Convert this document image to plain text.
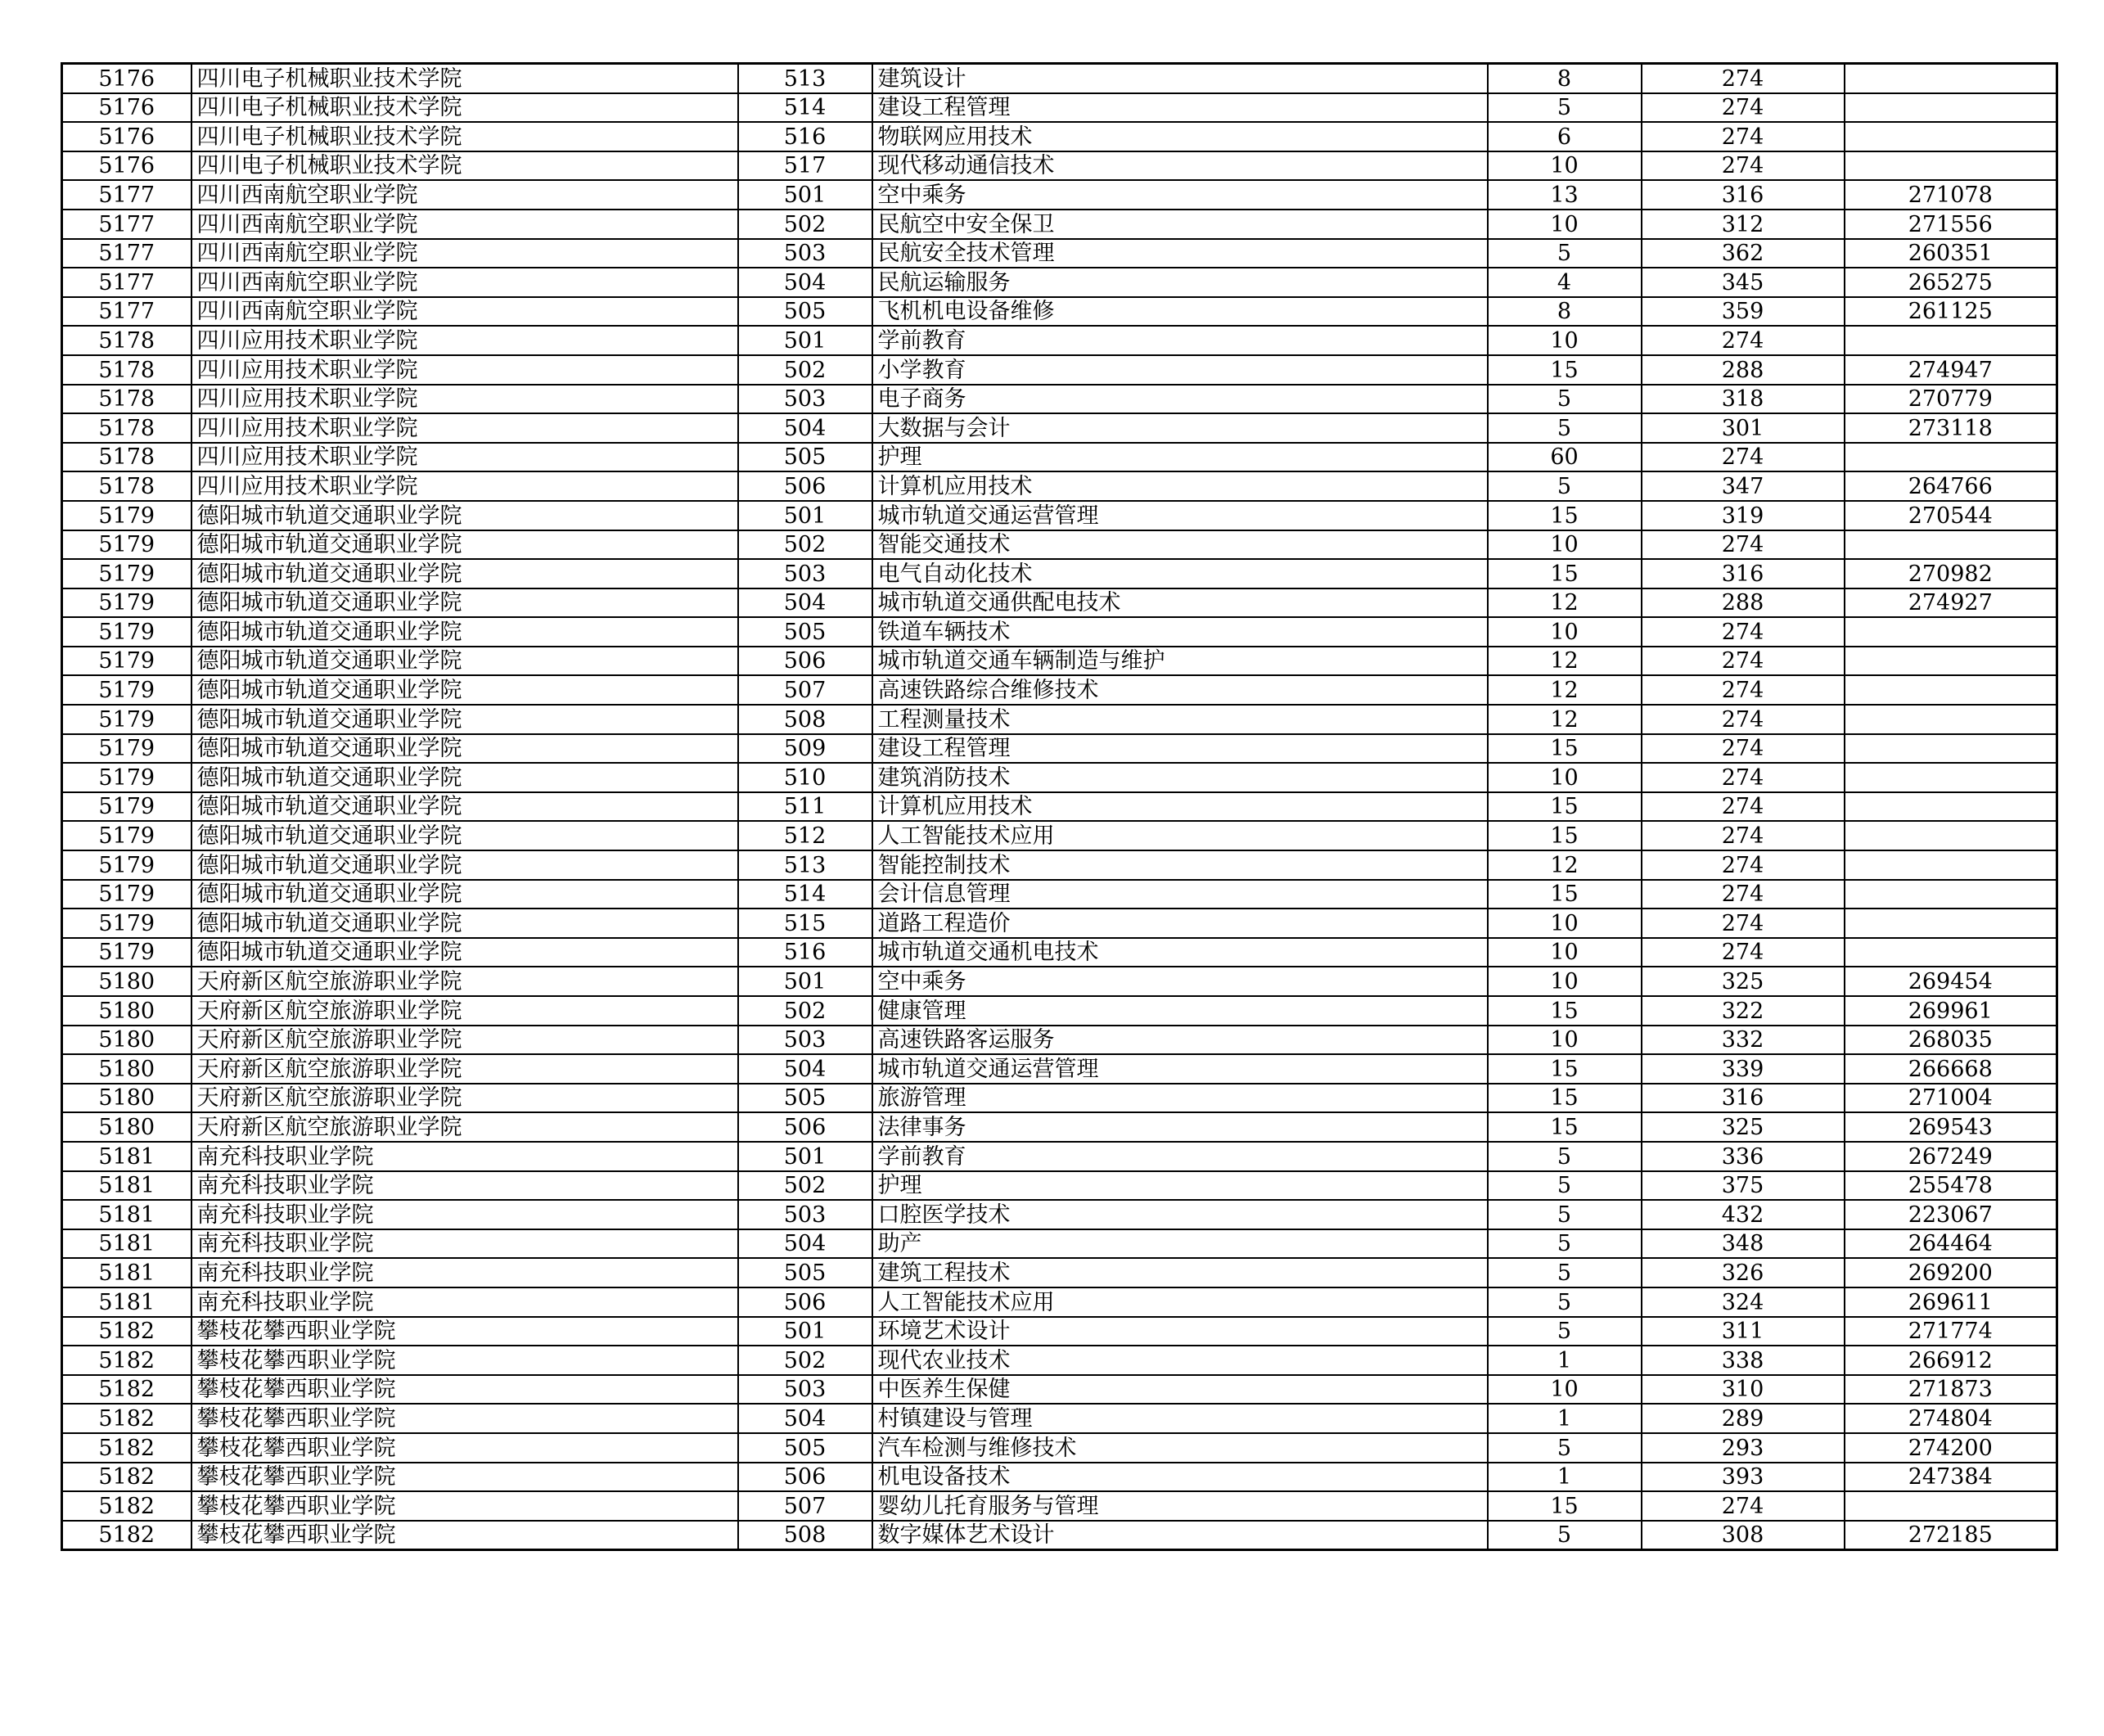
5176	四川电子机械职业技术学院	513	建筑设计	8	274	
5176	四川电子机械职业技术学院	514	建设工程管理	5	274	
5176	四川电子机械职业技术学院	516	物联网应用技术	6	274	
5176	四川电子机械职业技术学院	517	现代移动通信技术	10	274	
5177	四川西南航空职业学院	501	空中乘务	13	316	271078
5177	四川西南航空职业学院	502	民航空中安全保卫	10	312	271556
5177	四川西南航空职业学院	503	民航安全技术管理	5	362	260351
5177	四川西南航空职业学院	504	民航运输服务	4	345	265275
5177	四川西南航空职业学院	505	飞机机电设备维修	8	359	261125
5178	四川应用技术职业学院	501	学前教育	10	274	
5178	四川应用技术职业学院	502	小学教育	15	288	274947
5178	四川应用技术职业学院	503	电子商务	5	318	270779
5178	四川应用技术职业学院	504	大数据与会计	5	301	273118
5178	四川应用技术职业学院	505	护理	60	274	
5178	四川应用技术职业学院	506	计算机应用技术	5	347	264766
5179	德阳城市轨道交通职业学院	501	城市轨道交通运营管理	15	319	270544
5179	德阳城市轨道交通职业学院	502	智能交通技术	10	274	
5179	德阳城市轨道交通职业学院	503	电气自动化技术	15	316	270982
5179	德阳城市轨道交通职业学院	504	城市轨道交通供配电技术	12	288	274927
5179	德阳城市轨道交通职业学院	505	铁道车辆技术	10	274	
5179	德阳城市轨道交通职业学院	506	城市轨道交通车辆制造与维护	12	274	
5179	德阳城市轨道交通职业学院	507	高速铁路综合维修技术	12	274	
5179	德阳城市轨道交通职业学院	508	工程测量技术	12	274	
5179	德阳城市轨道交通职业学院	509	建设工程管理	15	274	
5179	德阳城市轨道交通职业学院	510	建筑消防技术	10	274	
5179	德阳城市轨道交通职业学院	511	计算机应用技术	15	274	
5179	德阳城市轨道交通职业学院	512	人工智能技术应用	15	274	
5179	德阳城市轨道交通职业学院	513	智能控制技术	12	274	
5179	德阳城市轨道交通职业学院	514	会计信息管理	15	274	
5179	德阳城市轨道交通职业学院	515	道路工程造价	10	274	
5179	德阳城市轨道交通职业学院	516	城市轨道交通机电技术	10	274	
5180	天府新区航空旅游职业学院	501	空中乘务	10	325	269454
5180	天府新区航空旅游职业学院	502	健康管理	15	322	269961
5180	天府新区航空旅游职业学院	503	高速铁路客运服务	10	332	268035
5180	天府新区航空旅游职业学院	504	城市轨道交通运营管理	15	339	266668
5180	天府新区航空旅游职业学院	505	旅游管理	15	316	271004
5180	天府新区航空旅游职业学院	506	法律事务	15	325	269543
5181	南充科技职业学院	501	学前教育	5	336	267249
5181	南充科技职业学院	502	护理	5	375	255478
5181	南充科技职业学院	503	口腔医学技术	5	432	223067
5181	南充科技职业学院	504	助产	5	348	264464
5181	南充科技职业学院	505	建筑工程技术	5	326	269200
5181	南充科技职业学院	506	人工智能技术应用	5	324	269611
5182	攀枝花攀西职业学院	501	环境艺术设计	5	311	271774
5182	攀枝花攀西职业学院	502	现代农业技术	1	338	266912
5182	攀枝花攀西职业学院	503	中医养生保健	10	310	271873
5182	攀枝花攀西职业学院	504	村镇建设与管理	1	289	274804
5182	攀枝花攀西职业学院	505	汽车检测与维修技术	5	293	274200
5182	攀枝花攀西职业学院	506	机电设备技术	1	393	247384
5182	攀枝花攀西职业学院	507	婴幼儿托育服务与管理	15	274	
5182	攀枝花攀西职业学院	508	数字媒体艺术设计	5	308	272185
